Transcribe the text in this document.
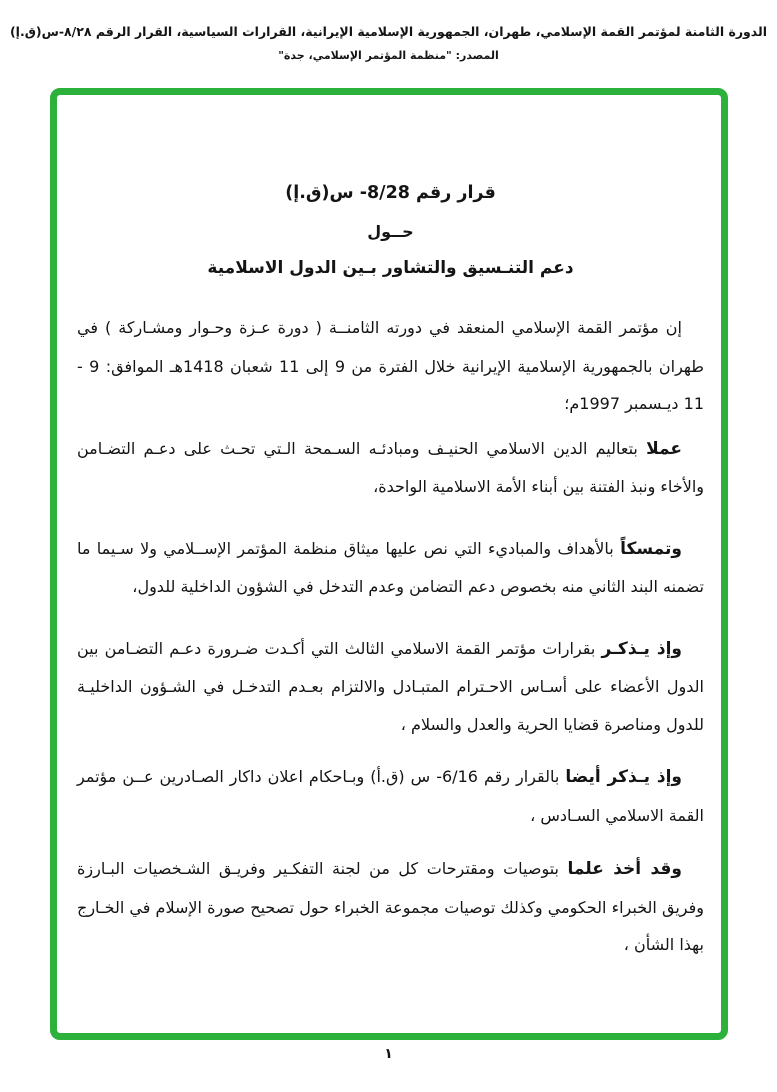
الدورة الثامنة لمؤتمر القمة الإسلامي، طهران، الجمهورية الإسلامية الإيرانية، القرارات السياسية، القرار الرقم ٨/٢٨-س(ق.إ)
المصدر: "منظمة المؤتمر الإسلامي، جدة"
قرار رقم 8/28- س(ق.إ)
حــول
دعم التنـسيق والتشاور بـين الدول الاسلامية

إن مؤتمر القمة الإسلامي المنعقد في دورته الثامنــة ( دورة عـزة وحـوار ومشـاركة ) في طهران بالجمهورية الإسلامية الإيرانية خلال الفترة من 9 إلى 11 شعبان 1418هـ الموافق: 9 - 11 ديـسمبر 1997م؛

عملا بتعاليم الدين الاسلامي الحنيـف ومبادئـه السـمحة الـتي تحـث على دعـم التضـامن والأخاء ونبذ الفتنة بين أبناء الأمة الاسلامية الواحدة،

وتمسكاً بالأهداف والمباديء التي نص عليها ميثاق منظمة المؤتمر الإســلامي ولا سـيما ما تضمنه البند الثاني منه بخصوص دعم التضامن وعدم التدخل في الشؤون الداخلية للدول،

وإذ يـذكـر بقرارات مؤتمر القمة الاسلامي الثالث التي أكـدت ضـرورة دعـم التضـامن بين الدول الأعضاء على أسـاس الاحـترام المتبـادل والالتزام بعـدم التدخـل في الشـؤون الداخليـة للدول ومناصرة قضايا الحرية والعدل والسلام ،

وإذ يـذكر أيضا بالقرار رقم 6/16- س (ق.أ) وبـاحكام اعلان داكار الصـادرين عــن مؤتمر القمة الاسلامي السـادس ،

وقد أخذ علما بتوصيات ومقترحات كل من لجنة التفكـير وفريـق الشـخصيات البـارزة وفريق الخبراء الحكومي وكذلك توصيات مجموعة الخبراء حول تصحيح صورة الإسلام في الخـارج بهذا الشأن ،

١
